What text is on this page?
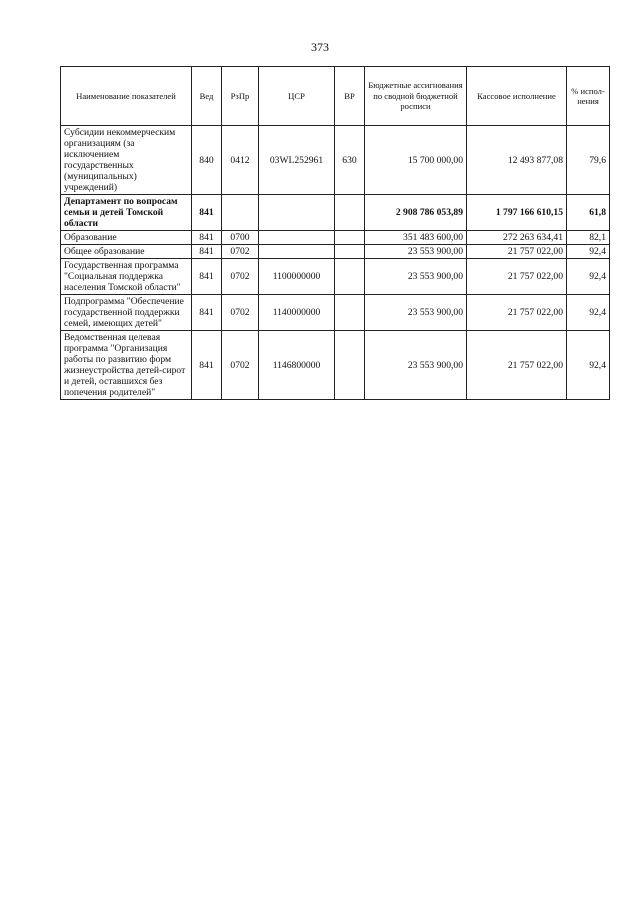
373
Наименование показателей	Вед	РзПр	ЦСР	ВР	Бюджетные ассигнования по сводной бюджетной росписи	Кассовое исполнение	% испол-нения
Субсидии некоммерческим организациям (за исключением государственных (муниципальных) учреждений)	840	0412	03WL252961	630	15 700 000,00	12 493 877,08	79,6
Департамент по вопросам семьи и детей Томской области	841				2 908 786 053,89	1 797 166 610,15	61,8
Образование	841	0700			351 483 600,00	272 263 634,41	82,1
Общее образование	841	0702			23 553 900,00	21 757 022,00	92,4
Государственная программа "Социальная поддержка населения Томской области"	841	0702	1100000000		23 553 900,00	21 757 022,00	92,4
Подпрограмма "Обеспечение государственной поддержки семей, имеющих детей"	841	0702	1140000000		23 553 900,00	21 757 022,00	92,4
Ведомственная целевая программа "Организация работы по развитию форм жизнеустройства детей-сирот и детей, оставшихся без попечения родителей"	841	0702	1146800000		23 553 900,00	21 757 022,00	92,4
